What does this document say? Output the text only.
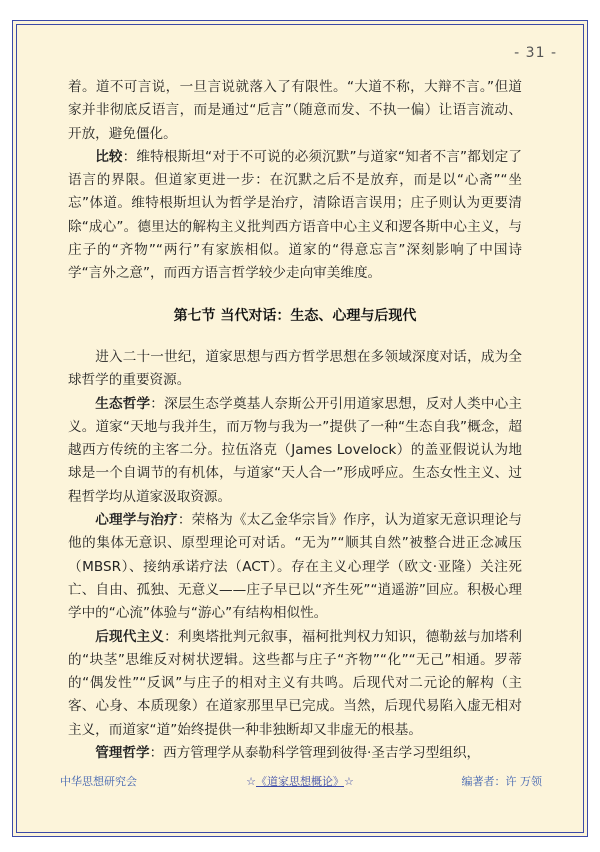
- 31 -

着。道不可言说，一旦言说就落入了有限性。“大道不称，大辩不言。”但道家并非彻底反语言，而是通过“卮言”（随意而发、不执一偏）让语言流动、开放，避免僵化。

比较：维特根斯坦“对于不可说的必须沉默”与道家“知者不言”都划定了语言的界限。但道家更进一步：在沉默之后不是放弃，而是以“心斋”“坐忘”体道。维特根斯坦认为哲学是治疗，清除语言误用；庄子则认为更要清除“成心”。德里达的解构主义批判西方语音中心主义和逻各斯中心主义，与庄子的“齐物”“两行”有家族相似。道家的“得意忘言”深刻影响了中国诗学“言外之意”，而西方语言哲学较少走向审美维度。

第七节 当代对话：生态、心理与后现代

进入二十一世纪，道家思想与西方哲学思想在多领域深度对话，成为全球哲学的重要资源。

生态哲学：深层生态学奠基人奈斯公开引用道家思想，反对人类中心主义。道家“天地与我并生，而万物与我为一”提供了一种“生态自我”概念，超越西方传统的主客二分。拉伍洛克（James Lovelock）的盖亚假说认为地球是一个自调节的有机体，与道家“天人合一”形成呼应。生态女性主义、过程哲学均从道家汲取资源。

心理学与治疗：荣格为《太乙金华宗旨》作序，认为道家无意识理论与他的集体无意识、原型理论可对话。“无为”“顺其自然”被整合进正念减压（MBSR）、接纳承诺疗法（ACT）。存在主义心理学（欧文·亚隆）关注死亡、自由、孤独、无意义——庄子早已以“齐生死”“逍遥游”回应。积极心理学中的“心流”体验与“游心”有结构相似性。

后现代主义：利奥塔批判元叙事，福柯批判权力知识，德勒兹与加塔利的“块茎”思维反对树状逻辑。这些都与庄子“齐物”“化”“无己”相通。罗蒂的“偶发性”“反讽”与庄子的相对主义有共鸣。后现代对二元论的解构（主客、心身、本质现象）在道家那里早已完成。当然，后现代易陷入虚无相对主义，而道家“道”始终提供一种非独断却又非虚无的根基。

管理哲学：西方管理学从泰勒科学管理到彼得·圣吉学习型组织，

中华思想研究会	☆《道家思想概论》☆	编著者：许 万领
